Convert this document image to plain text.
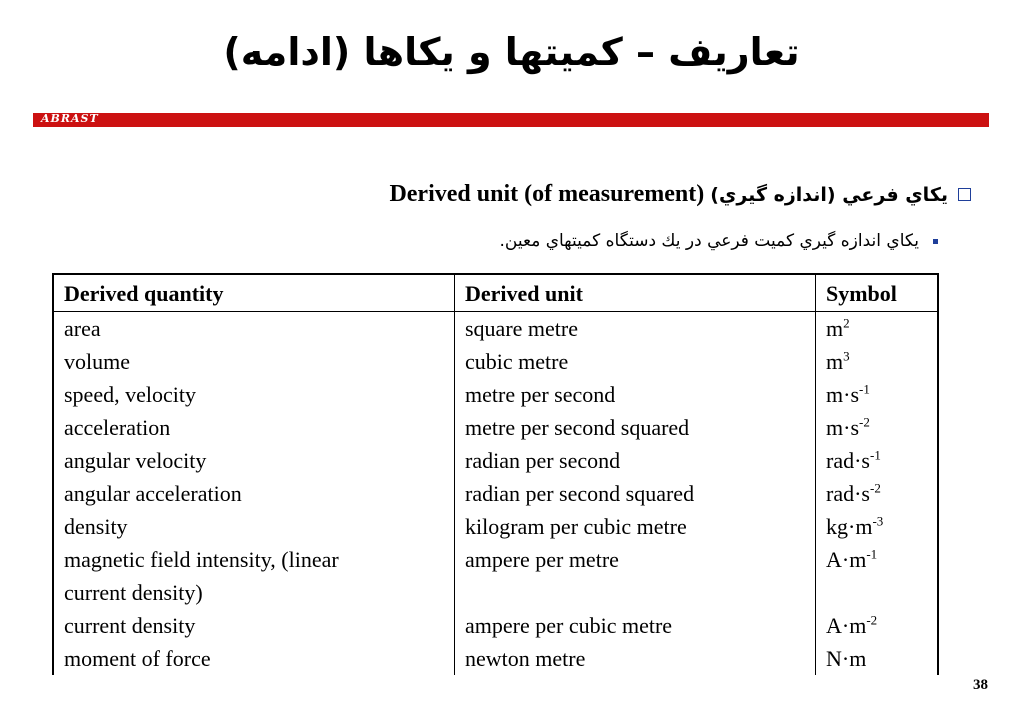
تعاریف – کمیتها و یکاها (ادامه)
ABRAST
يكاي فرعي (اندازه گيري)
Derived unit (of measurement)
يكاي اندازه گيري كميت فرعي در يك دستگاه كميتهاي معين.
Derived quantity	Derived unit	Symbol
area	square metre	$m^2$
volume	cubic metre	$m^3$
speed, velocity	metre per second	$m\cdot s^{-1}$
acceleration	metre per second squared	$m\cdot s^{-2}$
angular velocity	radian per second	$rad\cdot s^{-1}$
angular acceleration	radian per second squared	$rad\cdot s^{-2}$
density	kilogram per cubic metre	$kg\cdot m^{-3}$
magnetic field intensity, (linear	ampere per metre	$A\cdot m^{-1}$
current density)		
current density	ampere per cubic metre	$A\cdot m^{-2}$
moment of force	newton metre	N·m
38
